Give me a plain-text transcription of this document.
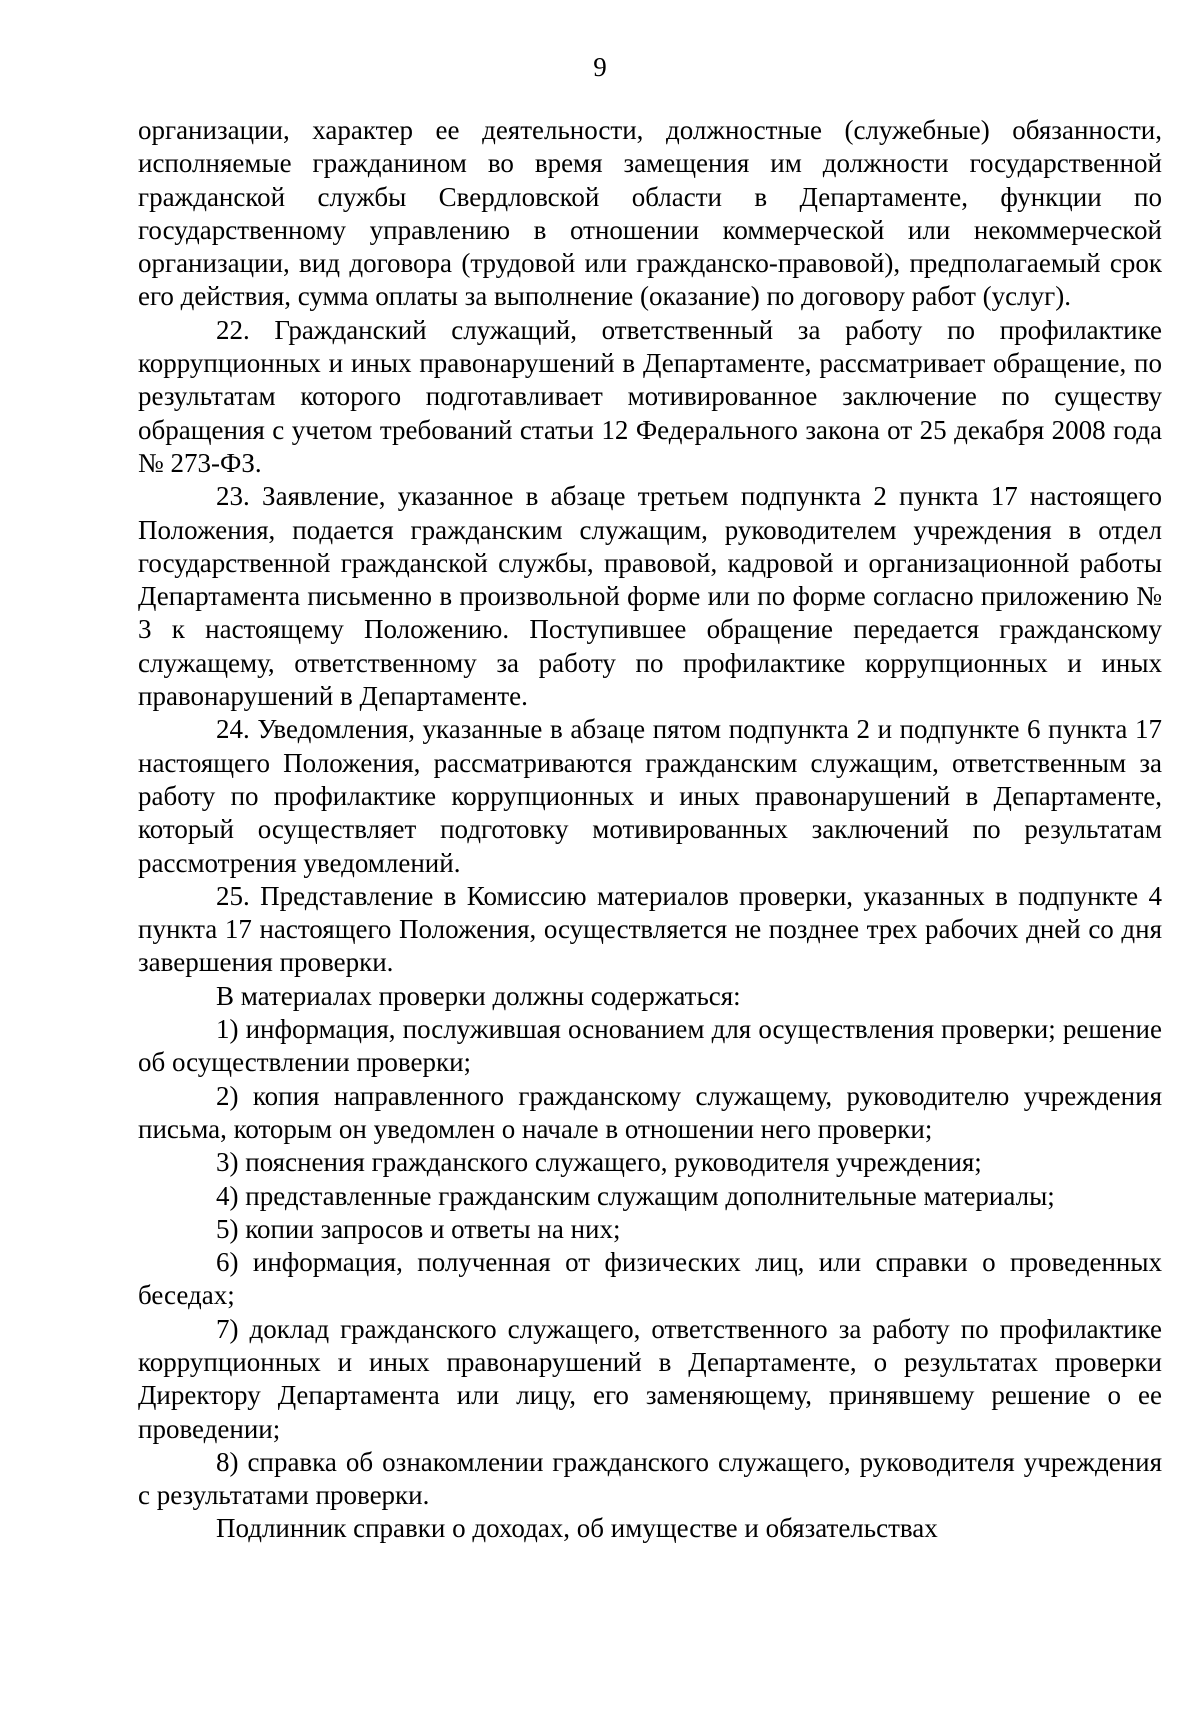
9

организации, характер ее деятельности, должностные (служебные) обязанности, исполняемые гражданином во время замещения им должности государственной гражданской службы Свердловской области в Департаменте, функции по государственному управлению в отношении коммерческой или некоммерческой организации, вид договора (трудовой или гражданско-правовой), предполагаемый срок его действия, сумма оплаты за выполнение (оказание) по договору работ (услуг).

22. Гражданский служащий, ответственный за работу по профилактике коррупционных и иных правонарушений в Департаменте, рассматривает обращение, по результатам которого подготавливает мотивированное заключение по существу обращения с учетом требований статьи 12 Федерального закона от 25 декабря 2008 года № 273-ФЗ.

23. Заявление, указанное в абзаце третьем подпункта 2 пункта 17 настоящего Положения, подается гражданским служащим, руководителем учреждения в отдел государственной гражданской службы, правовой, кадровой и организационной работы Департамента письменно в произвольной форме или по форме согласно приложению № 3 к настоящему Положению. Поступившее обращение передается гражданскому служащему, ответственному за работу по профилактике коррупционных и иных правонарушений в Департаменте.

24. Уведомления, указанные в абзаце пятом подпункта 2 и подпункте 6 пункта 17 настоящего Положения, рассматриваются гражданским служащим, ответственным за работу по профилактике коррупционных и иных правонарушений в Департаменте, который осуществляет подготовку мотивированных заключений по результатам рассмотрения уведомлений.

25. Представление в Комиссию материалов проверки, указанных в подпункте 4 пункта 17 настоящего Положения, осуществляется не позднее трех рабочих дней со дня завершения проверки.

В материалах проверки должны содержаться:

1) информация, послужившая основанием для осуществления проверки; решение об осуществлении проверки;

2) копия направленного гражданскому служащему, руководителю учреждения письма, которым он уведомлен о начале в отношении него проверки;

3) пояснения гражданского служащего, руководителя учреждения;

4) представленные гражданским служащим дополнительные материалы;

5) копии запросов и ответы на них;

6) информация, полученная от физических лиц, или справки о проведенных беседах;

7) доклад гражданского служащего, ответственного за работу по профилактике коррупционных и иных правонарушений в Департаменте, о результатах проверки Директору Департамента или лицу, его заменяющему, принявшему решение о ее проведении;

8) справка об ознакомлении гражданского служащего, руководителя учреждения с результатами проверки.

Подлинник справки о доходах, об имуществе и обязательствах
